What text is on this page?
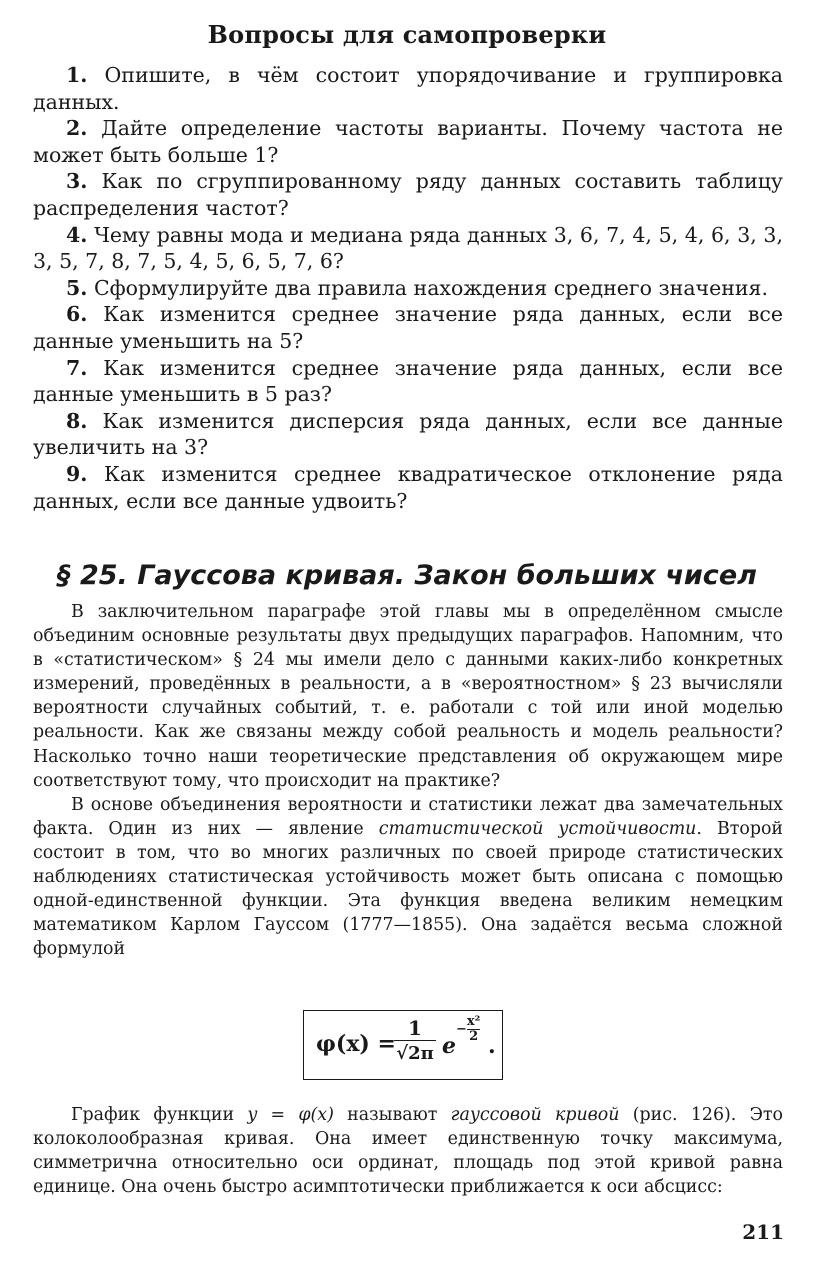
Вопросы для самопроверки

1. Опишите, в чём состоит упорядочивание и группировка данных.

2. Дайте определение частоты варианты. Почему частота не может быть больше 1?

3. Как по сгруппированному ряду данных составить таблицу распределения частот?

4. Чему равны мода и медиана ряда данных 3, 6, 7, 4, 5, 4, 6, 3, 3, 3, 5, 7, 8, 7, 5, 4, 5, 6, 5, 7, 6?

5. Сформулируйте два правила нахождения среднего значения.

6. Как изменится среднее значение ряда данных, если все данные уменьшить на 5?

7. Как изменится среднее значение ряда данных, если все данные уменьшить в 5 раз?

8. Как изменится дисперсия ряда данных, если все данные увеличить на 3?

9. Как изменится среднее квадратическое отклонение ряда данных, если все данные удвоить?

§ 25. Гауссова кривая. Закон больших чисел

В заключительном параграфе этой главы мы в определённом смысле объединим основные результаты двух предыдущих параграфов. Напомним, что в «статистическом» § 24 мы имели дело с данными каких-либо конкретных измерений, проведённых в реальности, а в «вероятностном» § 23 вычисляли вероятности случайных событий, т. е. работали с той или иной моделью реальности. Как же связаны между собой реальность и модель реальности? Насколько точно наши теоретические представления об окружающем мире соответствуют тому, что происходит на практике?

В основе объединения вероятности и статистики лежат два замечательных факта. Один из них — явление статистической устойчивости. Второй состоит в том, что во многих различных по своей природе статистических наблюдениях статистическая устойчивость может быть описана с помощью одной-единственной функции. Эта функция введена великим немецким математиком Карлом Гауссом (1777—1855). Она задаётся весьма сложной формулой

φ(x) =
1
√2π e
− $\frac{\text{x²}}{2}$
.

График функции y = φ(x) называют гауссовой кривой (рис. 126). Это колоколообразная кривая. Она имеет единственную точку максимума, симметрична относительно оси ординат, площадь под этой кривой равна единице. Она очень быстро асимптотически приближается к оси абсцисс:

211
